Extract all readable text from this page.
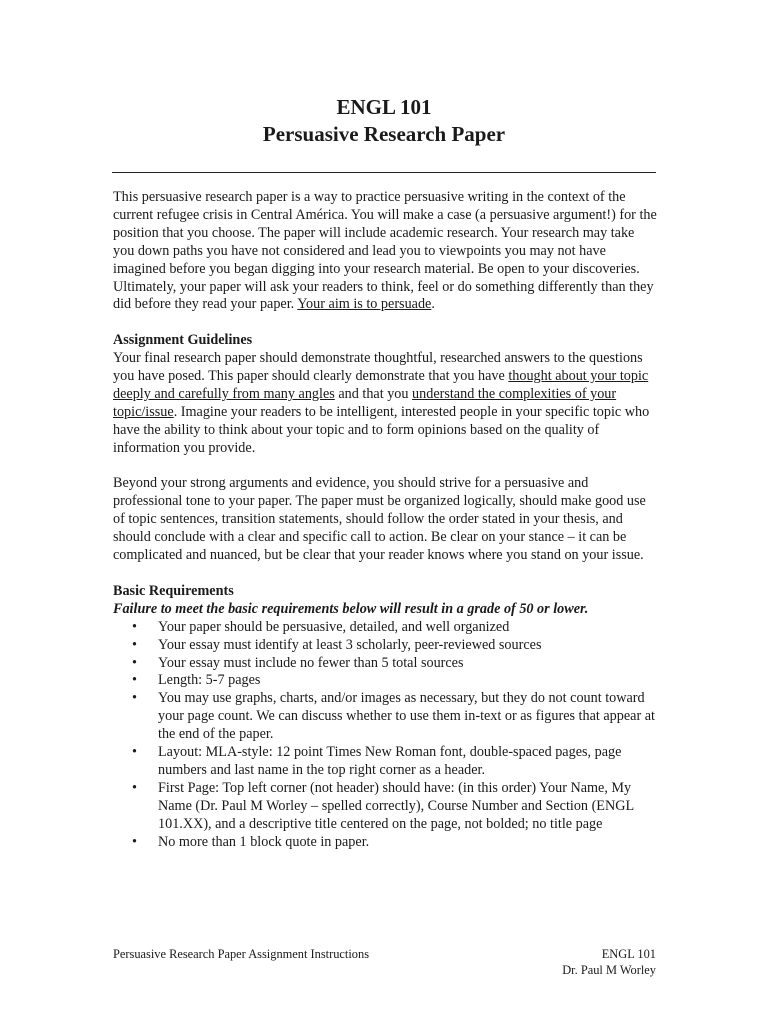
ENGL 101
Persuasive Research Paper

This persuasive research paper is a way to practice persuasive writing in the context of the current refugee crisis in Central América. You will make a case (a persuasive argument!) for the position that you choose. The paper will include academic research. Your research may take you down paths you have not considered and lead you to viewpoints you may not have imagined before you began digging into your research material. Be open to your discoveries. Ultimately, your paper will ask your readers to think, feel or do something differently than they did before they read your paper. Your aim is to persuade.

Assignment Guidelines

Your final research paper should demonstrate thoughtful, researched answers to the questions you have posed. This paper should clearly demonstrate that you have thought about your topic deeply and carefully from many angles and that you understand the complexities of your topic/issue. Imagine your readers to be intelligent, interested people in your specific topic who have the ability to think about your topic and to form opinions based on the quality of information you provide.

Beyond your strong arguments and evidence, you should strive for a persuasive and professional tone to your paper. The paper must be organized logically, should make good use of topic sentences, transition statements, should follow the order stated in your thesis, and should conclude with a clear and specific call to action. Be clear on your stance – it can be complicated and nuanced, but be clear that your reader knows where you stand on your issue.

Basic Requirements

Failure to meet the basic requirements below will result in a grade of 50 or lower.

• Your paper should be persuasive, detailed, and well organized
• Your essay must identify at least 3 scholarly, peer-reviewed sources
• Your essay must include no fewer than 5 total sources
• Length: 5-7 pages
• You may use graphs, charts, and/or images as necessary, but they do not count toward your page count. We can discuss whether to use them in-text or as figures that appear at the end of the paper.
• Layout: MLA-style: 12 point Times New Roman font, double-spaced pages, page numbers and last name in the top right corner as a header.
• First Page: Top left corner (not header) should have: (in this order) Your Name, My Name (Dr. Paul M Worley – spelled correctly), Course Number and Section (ENGL 101.XX), and a descriptive title centered on the page, not bolded; no title page
• No more than 1 block quote in paper.
Persuasive Research Paper Assignment Instructions	ENGL 101
Dr. Paul M Worley
